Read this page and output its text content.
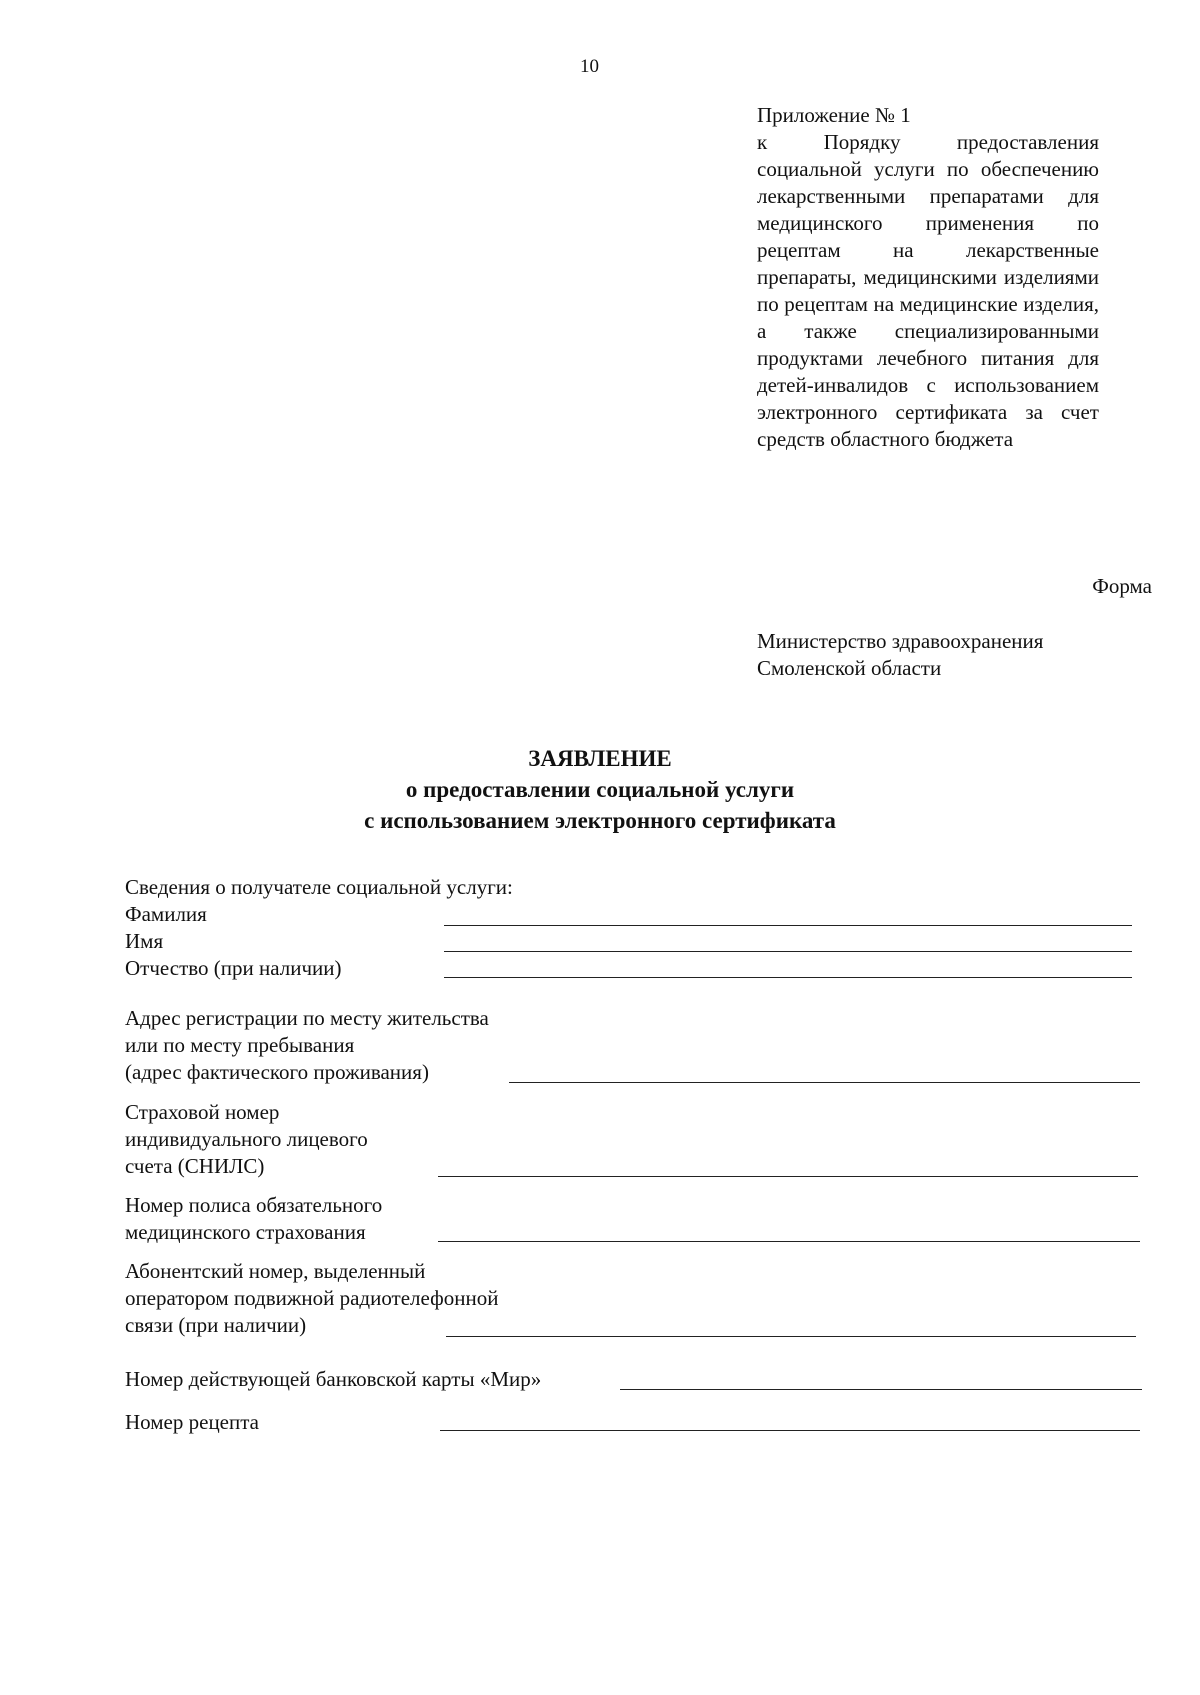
10
Приложение № 1
к Порядку предоставления социальной услуги по обеспечению лекарственными препаратами для медицинского применения по рецептам на лекарственные препараты, медицинскими изделиями по рецептам на медицинские изделия, а также специализированными продуктами лечебного питания для детей-инвалидов с использованием электронного сертификата за счет средств областного бюджета
Форма
Министерство здравоохранения
Смоленской области
ЗАЯВЛЕНИЕ
о предоставлении социальной услуги
с использованием электронного сертификата
Сведения о получателе социальной услуги:
Фамилия
Имя
Отчество (при наличии)
Адрес регистрации по месту жительства
или по месту пребывания
(адрес фактического проживания)
Страховой номер
индивидуального лицевого
счета (СНИЛС)
Номер полиса обязательного
медицинского страхования
Абонентский номер, выделенный
оператором подвижной радиотелефонной
связи (при наличии)
Номер действующей банковской карты «Мир»
Номер рецепта
